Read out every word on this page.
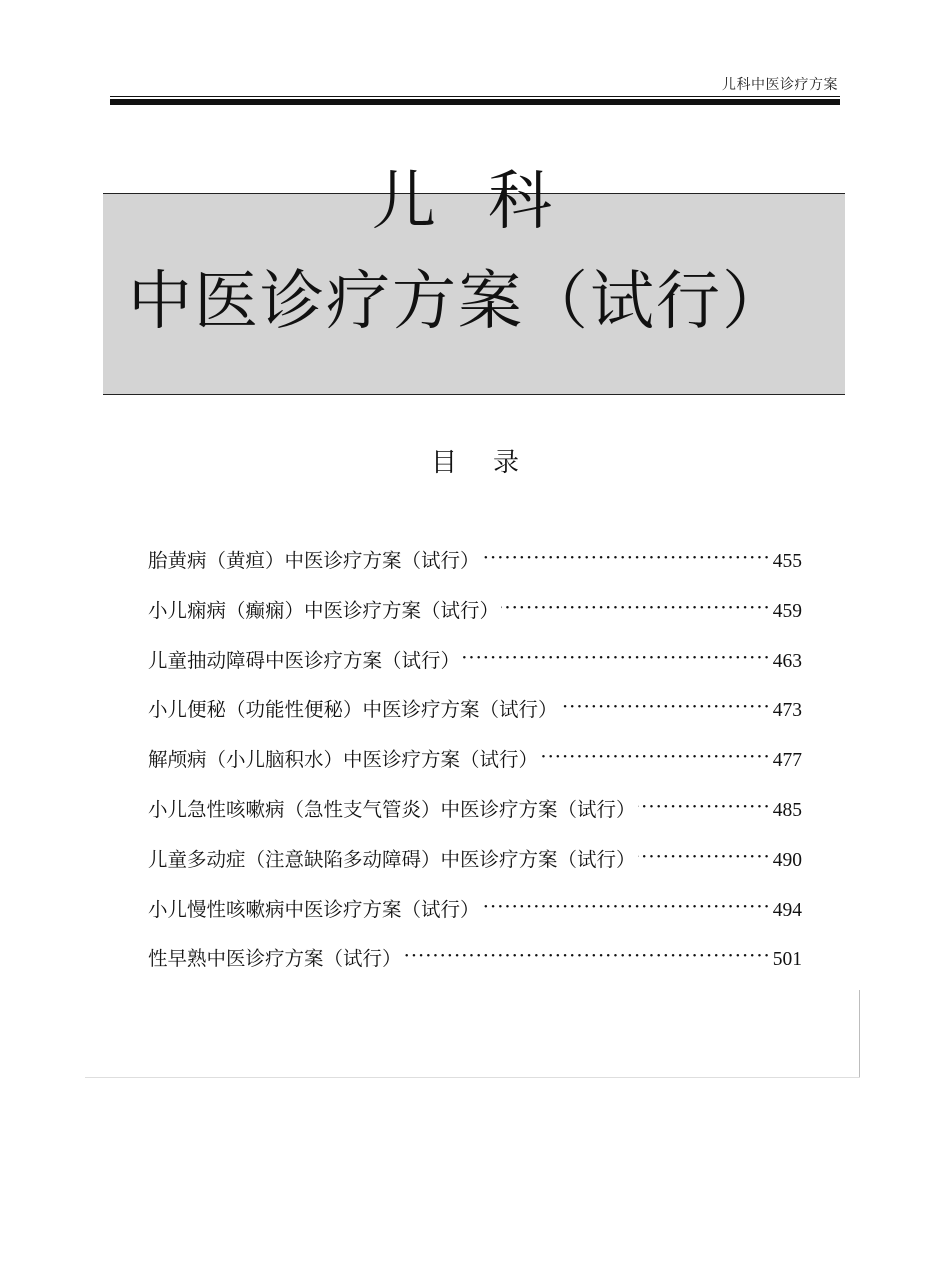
儿科中医诊疗方案
儿科
中医诊疗方案（试行）
目录
胎黄病（黄疸）中医诊疗方案（试行） ·····	455
小儿痫病（癫痫）中医诊疗方案（试行） ·····	459
儿童抽动障碍中医诊疗方案（试行） ·····	463
小儿便秘（功能性便秘）中医诊疗方案（试行） ·····	473
解颅病（小儿脑积水）中医诊疗方案（试行） ·····	477
小儿急性咳嗽病（急性支气管炎）中医诊疗方案（试行） ·····	485
儿童多动症（注意缺陷多动障碍）中医诊疗方案（试行） ·····	490
小儿慢性咳嗽病中医诊疗方案（试行） ·····	494
性早熟中医诊疗方案（试行） ·····	501
